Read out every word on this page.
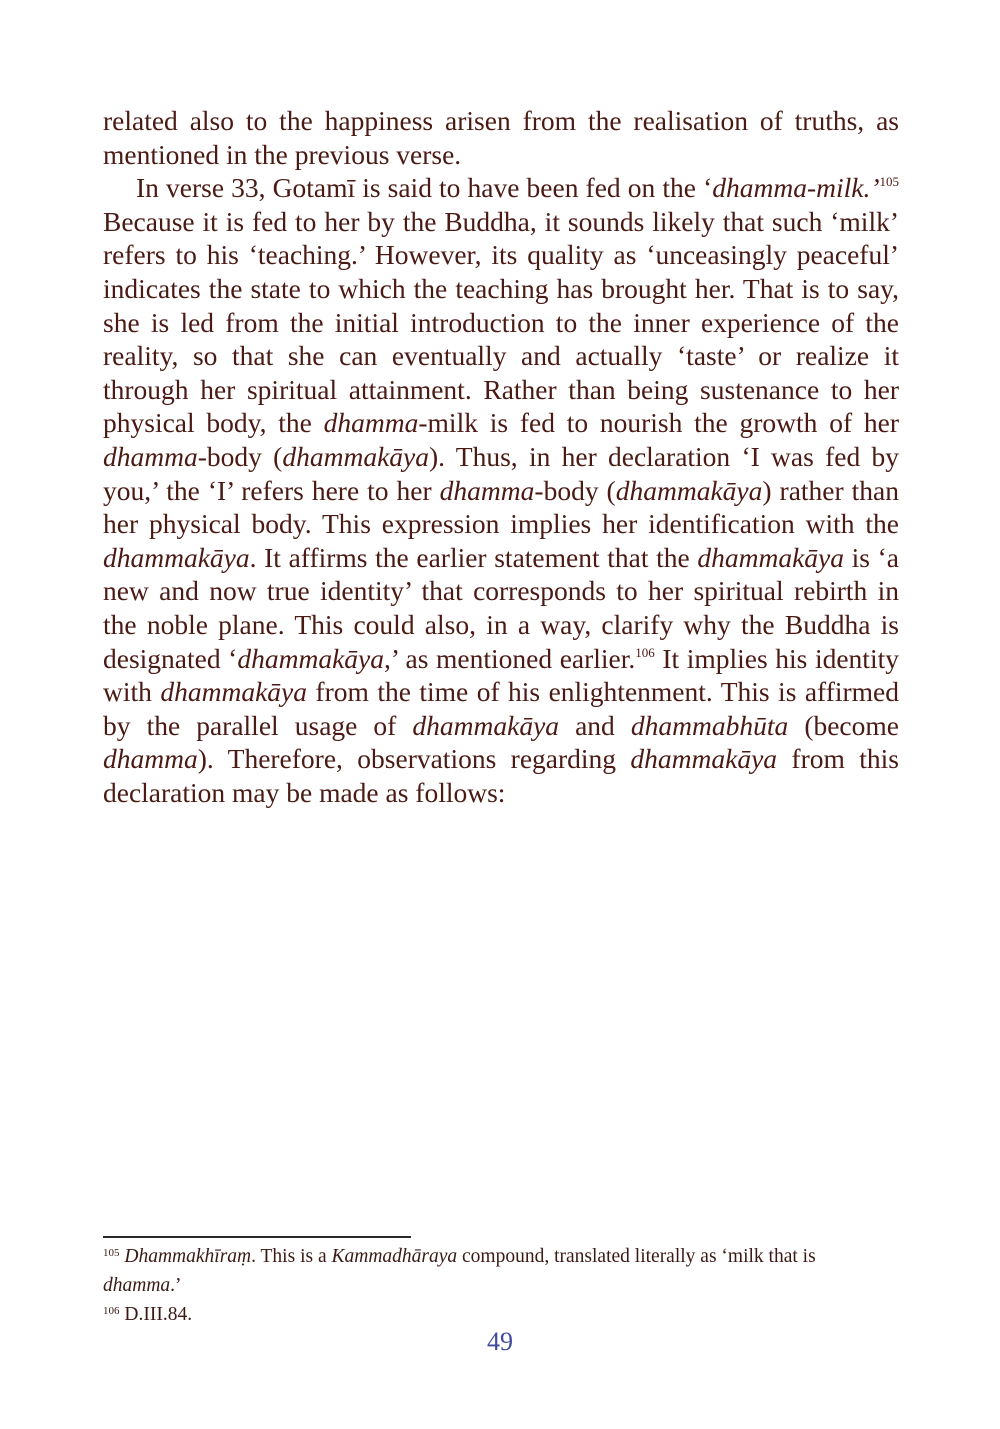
related also to the happiness arisen from the realisation of truths, as mentioned in the previous verse.

In verse 33, Gotamī is said to have been fed on the ‘dhamma-milk.’$^{105}$ Because it is fed to her by the Buddha, it sounds likely that such ‘milk’ refers to his ‘teaching.’ However, its quality as ‘unceasingly peaceful’ indicates the state to which the teaching has brought her. That is to say, she is led from the initial introduction to the inner experience of the reality, so that she can eventually and actually ‘taste’ or realize it through her spiritual attainment. Rather than being sustenance to her physical body, the dhamma-milk is fed to nourish the growth of her dhamma-body (dhammakāya). Thus, in her declaration ‘I was fed by you,’ the ‘I’ refers here to her dhamma-body (dhammakāya) rather than her physical body. This expression implies her identification with the dhammakāya. It affirms the earlier statement that the dhammakāya is ‘a new and now true identity’ that corresponds to her spiritual rebirth in the noble plane. This could also, in a way, clarify why the Buddha is designated ‘dhammakāya,’ as mentioned earlier.$^{106}$ It implies his identity with dhammakāya from the time of his enlightenment. This is affirmed by the parallel usage of dhammakāya and dhammabhūta (become dhamma). Therefore, observations regarding dhammakāya from this declaration may be made as follows:

$^{105}$ Dhammakhīraṃ. This is a Kammadhāraya compound, translated literally as ‘milk that is dhamma.’

$^{106}$ D.III.84.

49
